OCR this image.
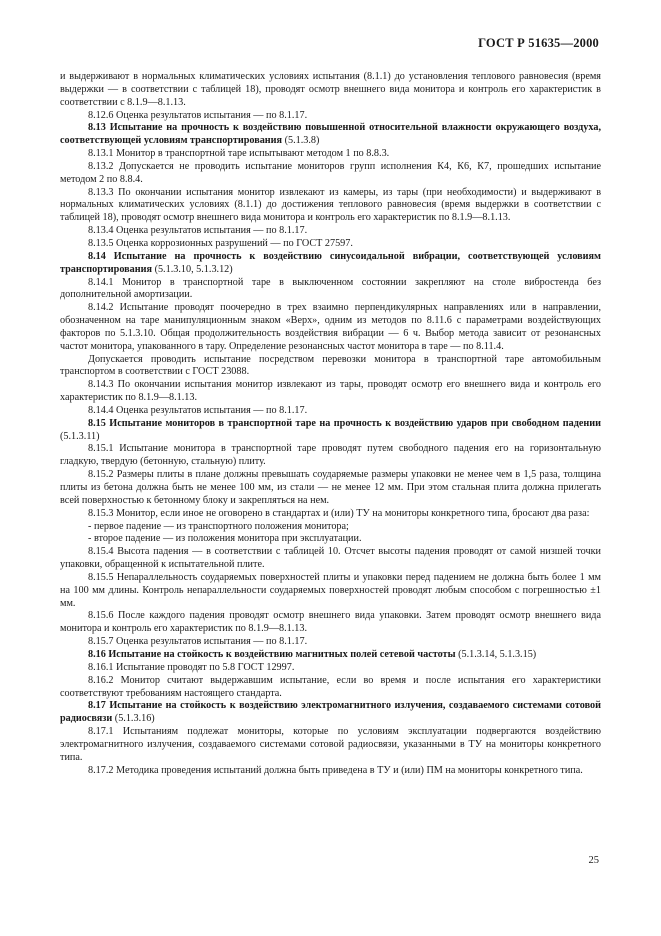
ГОСТ Р 51635—2000

и выдерживают в нормальных климатических условиях испытания (8.1.1) до установления теплового равновесия (время выдержки — в соответствии с таблицей 18), проводят осмотр внешнего вида монитора и контроль его характеристик в соответствии с 8.1.9—8.1.13.

8.12.6 Оценка результатов испытания — по 8.1.17.

8.13 Испытание на прочность к воздействию повышенной относительной влажности окружающего воздуха, соответствующей условиям транспортирования (5.1.3.8)

8.13.1 Монитор в транспортной таре испытывают методом 1 по 8.8.3.

8.13.2 Допускается не проводить испытание мониторов групп исполнения К4, К6, К7, прошедших испытание методом 2 по 8.8.4.

8.13.3 По окончании испытания монитор извлекают из камеры, из тары (при необходимости) и выдерживают в нормальных климатических условиях (8.1.1) до достижения теплового равновесия (время выдержки в соответствии с таблицей 18), проводят осмотр внешнего вида монитора и контроль его характеристик по 8.1.9—8.1.13.

8.13.4 Оценка результатов испытания — по 8.1.17.

8.13.5 Оценка коррозионных разрушений — по ГОСТ 27597.

8.14 Испытание на прочность к воздействию синусоидальной вибрации, соответствующей условиям транспортирования (5.1.3.10, 5.1.3.12)

8.14.1 Монитор в транспортной таре в выключенном состоянии закрепляют на столе вибростенда без дополнительной амортизации.

8.14.2 Испытание проводят поочередно в трех взаимно перпендикулярных направлениях или в направлении, обозначенном на таре манипуляционным знаком «Верх», одним из методов по 8.11.6 с параметрами воздействующих факторов по 5.1.3.10. Общая продолжительность воздействия вибрации — 6 ч. Выбор метода зависит от резонансных частот монитора, упакованного в тару. Определение резонансных частот монитора в таре — по 8.11.4.

Допускается проводить испытание посредством перевозки монитора в транспортной таре автомобильным транспортом в соответствии с ГОСТ 23088.

8.14.3 По окончании испытания монитор извлекают из тары, проводят осмотр его внешнего вида и контроль его характеристик по 8.1.9—8.1.13.

8.14.4 Оценка результатов испытания — по 8.1.17.

8.15 Испытание мониторов в транспортной таре на прочность к воздействию ударов при свободном падении (5.1.3.11)

8.15.1 Испытание монитора в транспортной таре проводят путем свободного падения его на горизонтальную гладкую, твердую (бетонную, стальную) плиту.

8.15.2 Размеры плиты в плане должны превышать соударяемые размеры упаковки не менее чем в 1,5 раза, толщина плиты из бетона должна быть не менее 100 мм, из стали — не менее 12 мм. При этом стальная плита должна прилегать всей поверхностью к бетонному блоку и закрепляться на нем.

8.15.3 Монитор, если иное не оговорено в стандартах и (или) ТУ на мониторы конкретного типа, бросают два раза:

- первое падение — из транспортного положения монитора;

- второе падение — из положения монитора при эксплуатации.

8.15.4 Высота падения — в соответствии с таблицей 10. Отсчет высоты падения проводят от самой низшей точки упаковки, обращенной к испытательной плите.

8.15.5 Непараллельность соударяемых поверхностей плиты и упаковки перед падением не должна быть более 1 мм на 100 мм длины. Контроль непараллельности соударяемых поверхностей проводят любым способом с погрешностью ±1 мм.

8.15.6 После каждого падения проводят осмотр внешнего вида упаковки. Затем проводят осмотр внешнего вида монитора и контроль его характеристик по 8.1.9—8.1.13.

8.15.7 Оценка результатов испытания — по 8.1.17.

8.16 Испытание на стойкость к воздействию магнитных полей сетевой частоты (5.1.3.14, 5.1.3.15)

8.16.1 Испытание проводят по 5.8 ГОСТ 12997.

8.16.2 Монитор считают выдержавшим испытание, если во время и после испытания его характеристики соответствуют требованиям настоящего стандарта.

8.17 Испытание на стойкость к воздействию электромагнитного излучения, создаваемого системами сотовой радиосвязи (5.1.3.16)

8.17.1 Испытаниям подлежат мониторы, которые по условиям эксплуатации подвергаются воздействию электромагнитного излучения, создаваемого системами сотовой радиосвязи, указанными в ТУ на мониторы конкретного типа.

8.17.2 Методика проведения испытаний должна быть приведена в ТУ и (или) ПМ на мониторы конкретного типа.

25
